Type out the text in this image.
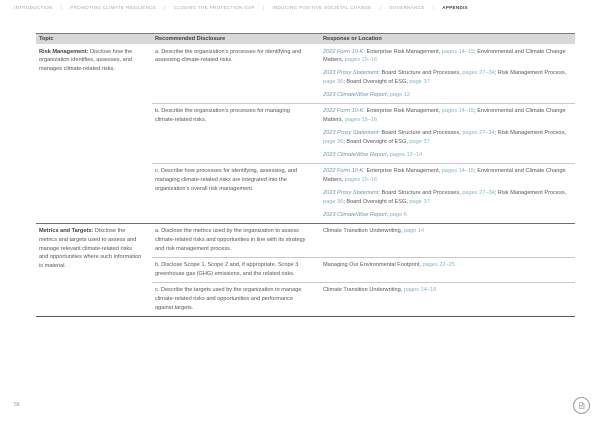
INTRODUCTION | PROMOTING CLIMATE RESILIENCE | CLOSING THE PROTECTION GAP | INDUCING POSITIVE SOCIETAL CHANGE | GOVERNANCE | APPENDIX
Topic	Recommended Disclosure	Response or Location
Risk Management: Disclose how the organization identifies, assesses, and manages climate-related risks.
a. Describe the organization’s processes for identifying and assessing climate-related risks.

2022 Form 10-K: Enterprise Risk Management, pages 14–15; Environmental and Climate Change Matters, pages 15–16

2023 Proxy Statement: Board Structure and Processes, pages 27–34; Risk Management Process, page 36; Board Oversight of ESG, page 37

2023 ClimateWise Report, page 12

b. Describe the organization’s processes for managing climate-related risks.

2022 Form 10-K: Enterprise Risk Management, pages 14–15; Environmental and Climate Change Matters, pages 15–16

2023 Proxy Statement: Board Structure and Processes, pages 27–34; Risk Management Process, page 36; Board Oversight of ESG, page 37

2023 ClimateWise Report, pages 12–14

c. Describe how processes for identifying, assessing, and managing climate-related risks are integrated into the organization’s overall risk management.

2022 Form 10-K: Enterprise Risk Management, pages 14–15; Environmental and Climate Change Matters, pages 15–16

2023 Proxy Statement: Board Structure and Processes, pages 27–34; Risk Management Process, page 36; Board Oversight of ESG, page 37

2023 ClimateWise Report, page 6

Metrics and Targets: Disclose the metrics and targets used to assess and manage relevant climate-related risks and opportunities where such information is material.
a. Disclose the metrics used by the organization to assess climate-related risks and opportunities in line with its strategy and risk management process.

Climate Transition Underwriting, page 14

b. Disclose Scope 1, Scope 2 and, if appropriate, Scope 3 greenhouse gas (GHG) emissions, and the related risks.

Managing Our Environmental Footprint, pages 22–25

c. Describe the targets used by the organization to manage climate-related risks and opportunities and performance against targets.

Climate Transition Underwriting, pages 14–18

58
